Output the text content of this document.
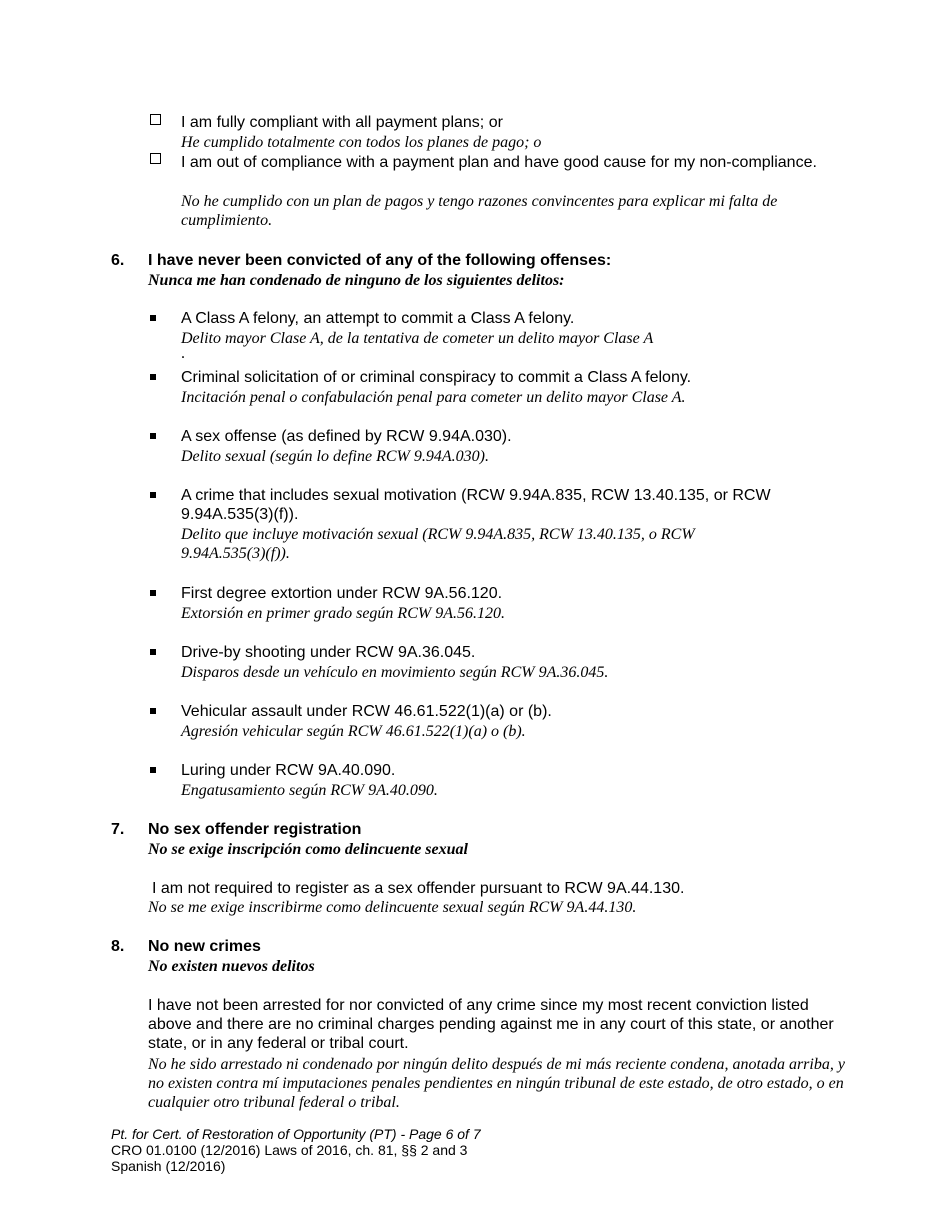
I am fully compliant with all payment plans; or
He cumplido totalmente con todos los planes de pago; o
I am out of compliance with a payment plan and have good cause for my non-compliance.
No he cumplido con un plan de pagos y tengo razones convincentes para explicar mi falta de cumplimiento.
6. I have never been convicted of any of the following offenses:
Nunca me han condenado de ninguno de los siguientes delitos:
A Class A felony, an attempt to commit a Class A felony.
Delito mayor Clase A, de la tentativa de cometer un delito mayor Clase A
.
Criminal solicitation of or criminal conspiracy to commit a Class A felony.
Incitación penal o confabulación penal para cometer un delito mayor Clase A.
A sex offense (as defined by RCW 9.94A.030).
Delito sexual (según lo define RCW 9.94A.030).
A crime that includes sexual motivation (RCW 9.94A.835, RCW 13.40.135, or RCW 9.94A.535(3)(f)).
Delito que incluye motivación sexual (RCW 9.94A.835, RCW 13.40.135, o RCW 9.94A.535(3)(f)).
First degree extortion under RCW 9A.56.120.
Extorsión en primer grado según RCW 9A.56.120.
Drive-by shooting under RCW 9A.36.045.
Disparos desde un vehículo en movimiento según RCW 9A.36.045.
Vehicular assault under RCW 46.61.522(1)(a) or (b).
Agresión vehicular según RCW 46.61.522(1)(a) o (b).
Luring under RCW 9A.40.090.
Engatusamiento según RCW 9A.40.090.
7. No sex offender registration
No se exige inscripción como delincuente sexual
I am not required to register as a sex offender pursuant to RCW 9A.44.130.
No se me exige inscribirme como delincuente sexual según RCW 9A.44.130.
8. No new crimes
No existen nuevos delitos
I have not been arrested for nor convicted of any crime since my most recent conviction listed above and there are no criminal charges pending against me in any court of this state, or another state, or in any federal or tribal court.
No he sido arrestado ni condenado por ningún delito después de mi más reciente condena, anotada arriba, y no existen contra mí imputaciones penales pendientes en ningún tribunal de este estado, de otro estado, o en cualquier otro tribunal federal o tribal.
Pt. for Cert. of Restoration of Opportunity (PT) - Page 6 of 7
CRO 01.0100 (12/2016) Laws of 2016, ch. 81, §§ 2 and 3
Spanish (12/2016)
